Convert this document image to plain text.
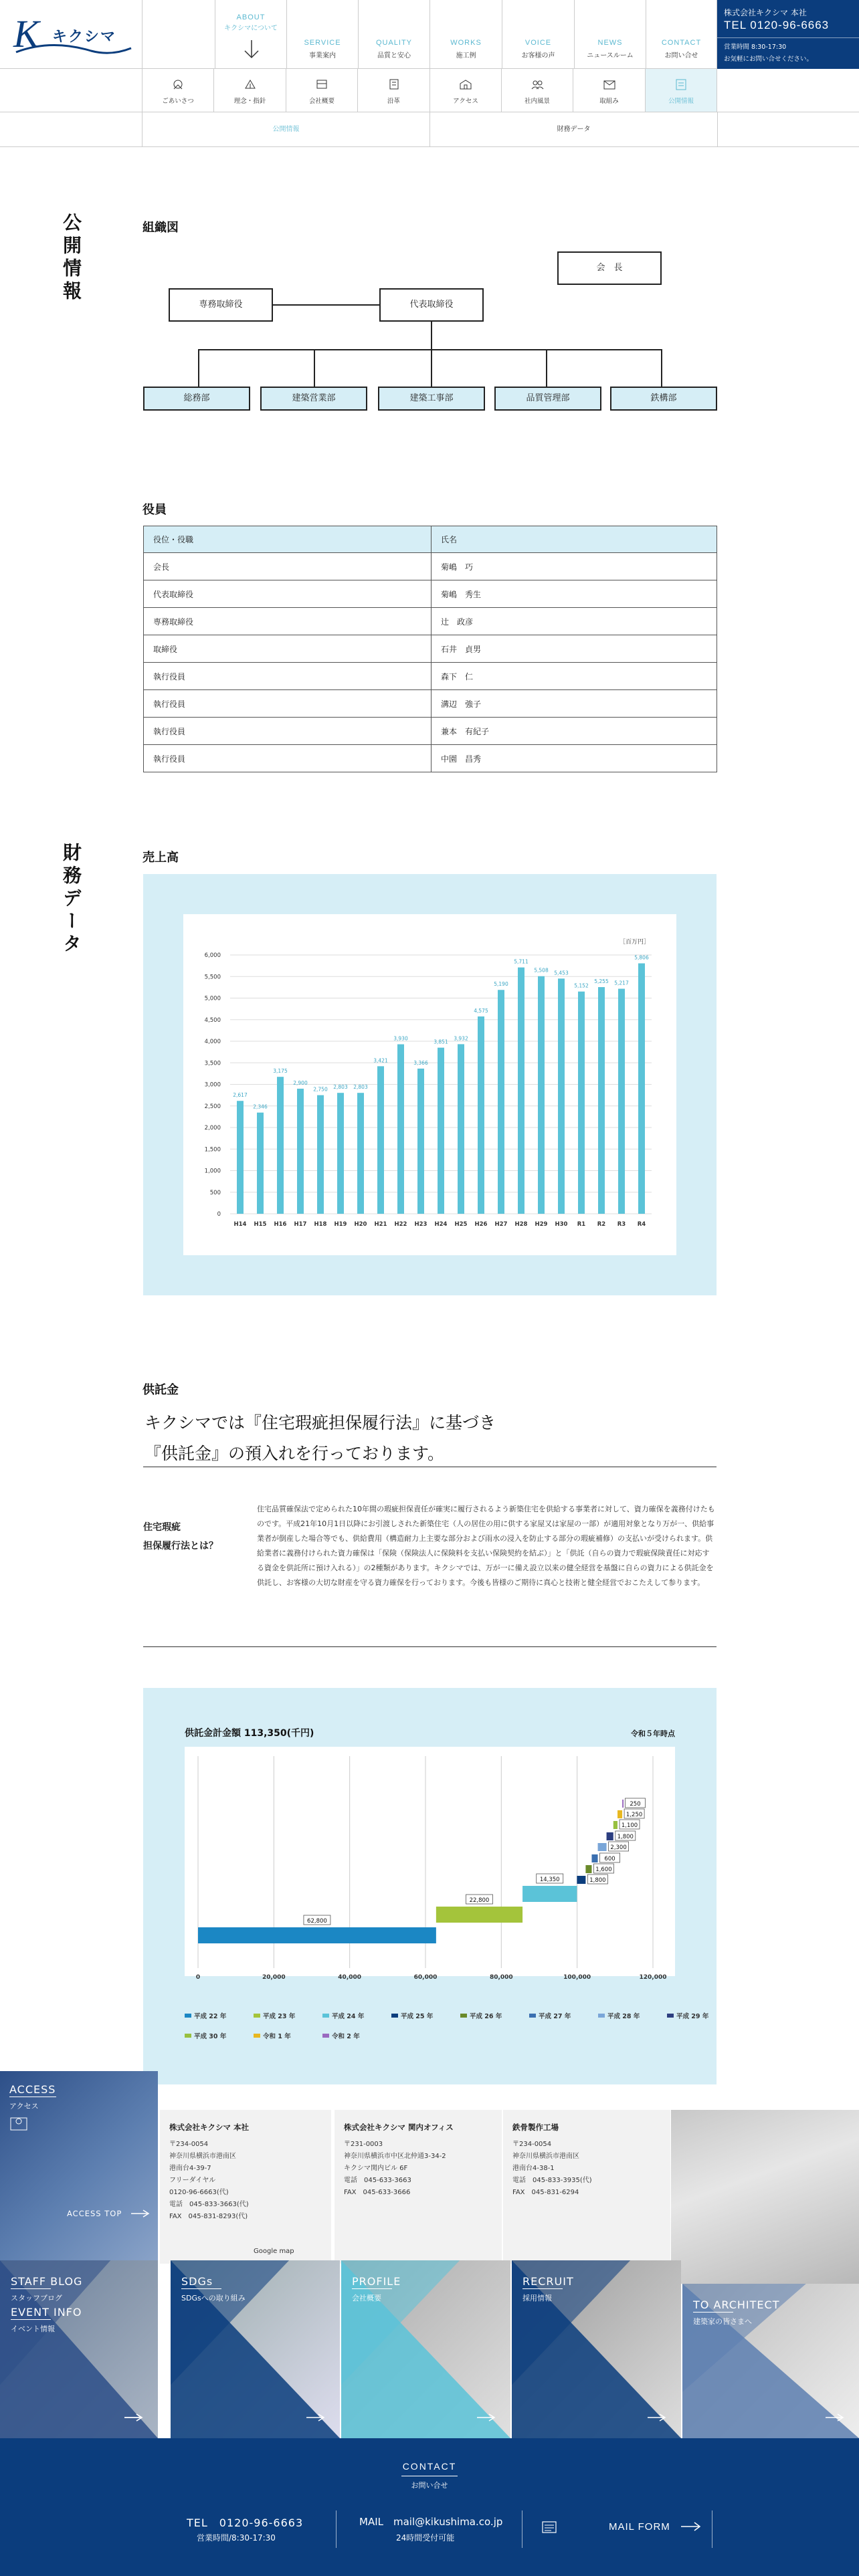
K キクシマ
株式会社キクシマ 本社
TEL 0120-96-6663
営業時間 8:30-17:30
お気軽にお問い合せください。
公開情報	財務データ
公開情報	組織図
会　長
専務取締役	代表取締役
総務部	建築営業部	建築工事部	品質管理部	鉄構部
役員
役位・役職	氏名
会長	菊嶋　巧
代表取締役	菊嶋　秀生
専務取締役	辻　政彦
取締役	石井　貞男
執行役員	森下　仁
執行役員	溝辺　強子
執行役員	兼本　有紀子
執行役員	中園　昌秀
財務データ	売上高
0
500
1,000
1,500
2,000
2,500
3,000
3,500
4,000
4,500
5,000
5,500
6,000
［百万円］
2,617
H14
2,346
H15
3,175
H16
2,900
H17
2,750
H18
2,803
H19
2,803
H20
3,421
H21
3,930
H22
3,366
H23
3,851
H24
3,932
H25
4,575
H26
5,190
H27
5,711
H28
5,508
H29
5,453
H30
5,152
R1
5,255
R2
5,217
R3
5,806
R4
供託金
キクシマでは『住宅瑕疵担保履行法』に基づき
『供託金』の預入れを行っております。
住宅瑕疵
担保履行法とは？
住宅品質確保法で定められた10年間の瑕疵担保責任が確実に履行されるよう新築住宅を供給する事業者に対して、資力確保を義務付けたものです。平成21年10月1日以降にお引渡しされた新築住宅（人の居住の用に供する家屋又は家屋の一部）が適用対象となり万が一、供給事業者が倒産した場合等でも、供給費用（構造耐力上主要な部分および雨水の浸入を防止する部分の瑕疵補修）の支払いが受けられます。供給業者に義務付けられた資力確保は「保険（保険法人に保険料を支払い保険契約を結ぶ）」と「供託（自らの資力で瑕疵保険責任に対応する資金を供託所に預け入れる）」の2種類があります。キクシマでは、万が一に備え設立以来の健全経営を基盤に自らの資力による供託金を供託し、お客様の大切な財産を守る資力確保を行っております。今後も皆様のご期待に真心と技術と健全経営でおこたえして参ります。
供託金計金額 113,350(千円)	令和５年時点
0	20,000	40,000	60,000	80,000	100,000	120,000
62,800
22,800
14,350	1,800
1,600
600
2,300
1,800
1,100
1,250
250
平成 22 年	平成 23 年	平成 24 年	平成 25 年	平成 26 年	平成 27 年	平成 28 年	平成 29 年
平成 30 年	令和 1 年	令和 2 年
CONTACT
お問い合せ
TEL　0120-96-6663
営業時間/8:30-17:30
MAIL　mail@kikushima.co.jp
24時間受付可能
MAIL FORM
ABOUT
キクシマについて
SERVICE
事業案内
QUALITY
品質と安心
WORKS
施工例
VOICE
お客様の声
NEWS
ニュースルーム
CONTACT
お問い合せ
ごあいさつ	理念・指針	会社概要	沿革	アクセス	社内風景	取組み	公開情報
ACCESS
アクセス
ACCESS TOP
株式会社キクシマ 本社
〒234-0054
神奈川県横浜市港南区
港南台4-39-7
フリーダイヤル
0120-96-6663(代)
電話　045-833-3663(代)
FAX　045-831-8293(代)
Google map
株式会社キクシマ 関内オフィス
〒231-0003
神奈川県横浜市中区北仲通3-34-2
キクシマ関内ビル 6F
電話　045-633-3663
FAX　045-633-3666
鉄骨製作工場
〒234-0054
神奈川県横浜市港南区
港南台4-38-1
電話　045-833-3935(代)
FAX　045-831-6294
STAFF BLOG
スタッフブログ
EVENT INFO
イベント情報
SDGs
SDGsへの取り組み
PROFILE
会社概要
RECRUIT
採用情報
TO ARCHITECT
建築家の皆さまへ
